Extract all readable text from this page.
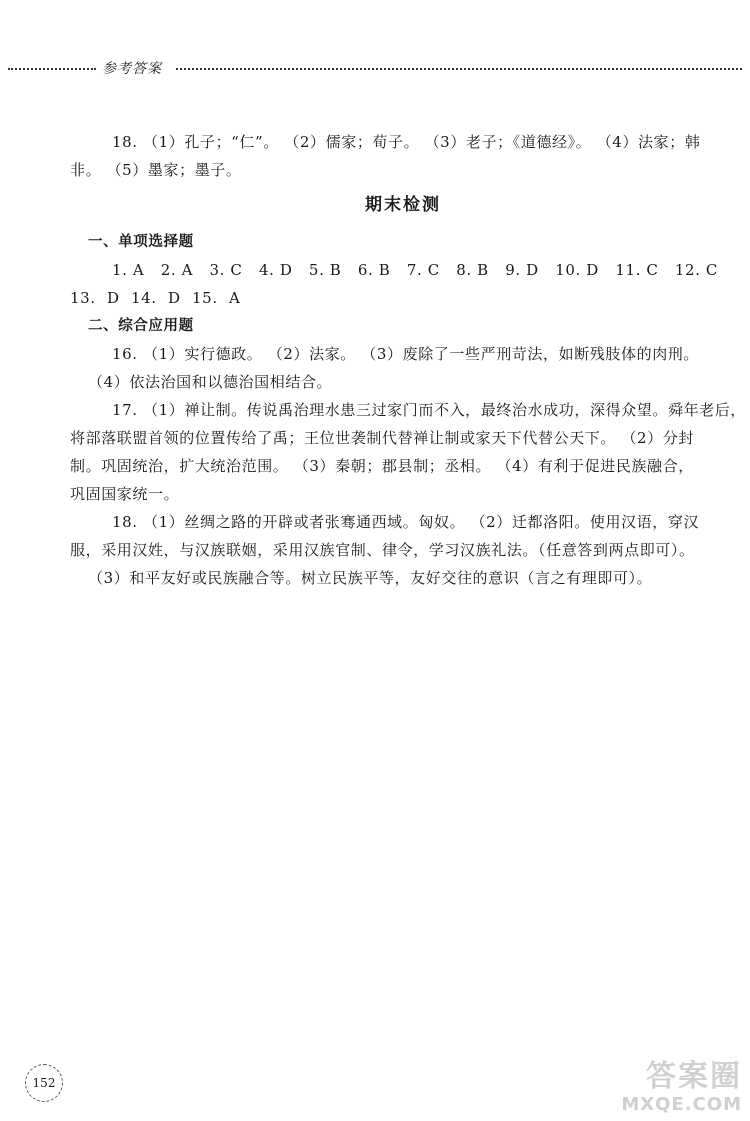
参考答案

18. （1）孔子；“仁”。 （2）儒家；荀子。 （3）老子；《道德经》。 （4）法家；韩

非。 （5）墨家；墨子。

期末检测

一、单项选择题

1. A 2. A 3. C 4. D 5. B 6. B 7. C 8. B 9. D 10. D 11. C 12. C

13. D 14. D 15. A

二、综合应用题

16. （1）实行德政。 （2）法家。 （3）废除了一些严刑苛法，如断残肢体的肉刑。

（4）依法治国和以德治国相结合。

17. （1）禅让制。传说禹治理水患三过家门而不入，最终治水成功，深得众望。舜年老后，

将部落联盟首领的位置传给了禹；王位世袭制代替禅让制或家天下代替公天下。 （2）分封

制。巩固统治，扩大统治范围。 （3）秦朝；郡县制；丞相。 （4）有利于促进民族融合，

巩固国家统一。

18. （1）丝绸之路的开辟或者张骞通西域。匈奴。 （2）迁都洛阳。使用汉语，穿汉

服，采用汉姓，与汉族联姻，采用汉族官制、律令，学习汉族礼法。（任意答到两点即可）。

（3）和平友好或民族融合等。树立民族平等，友好交往的意识（言之有理即可）。

152	答案圈
MXQE.COM
